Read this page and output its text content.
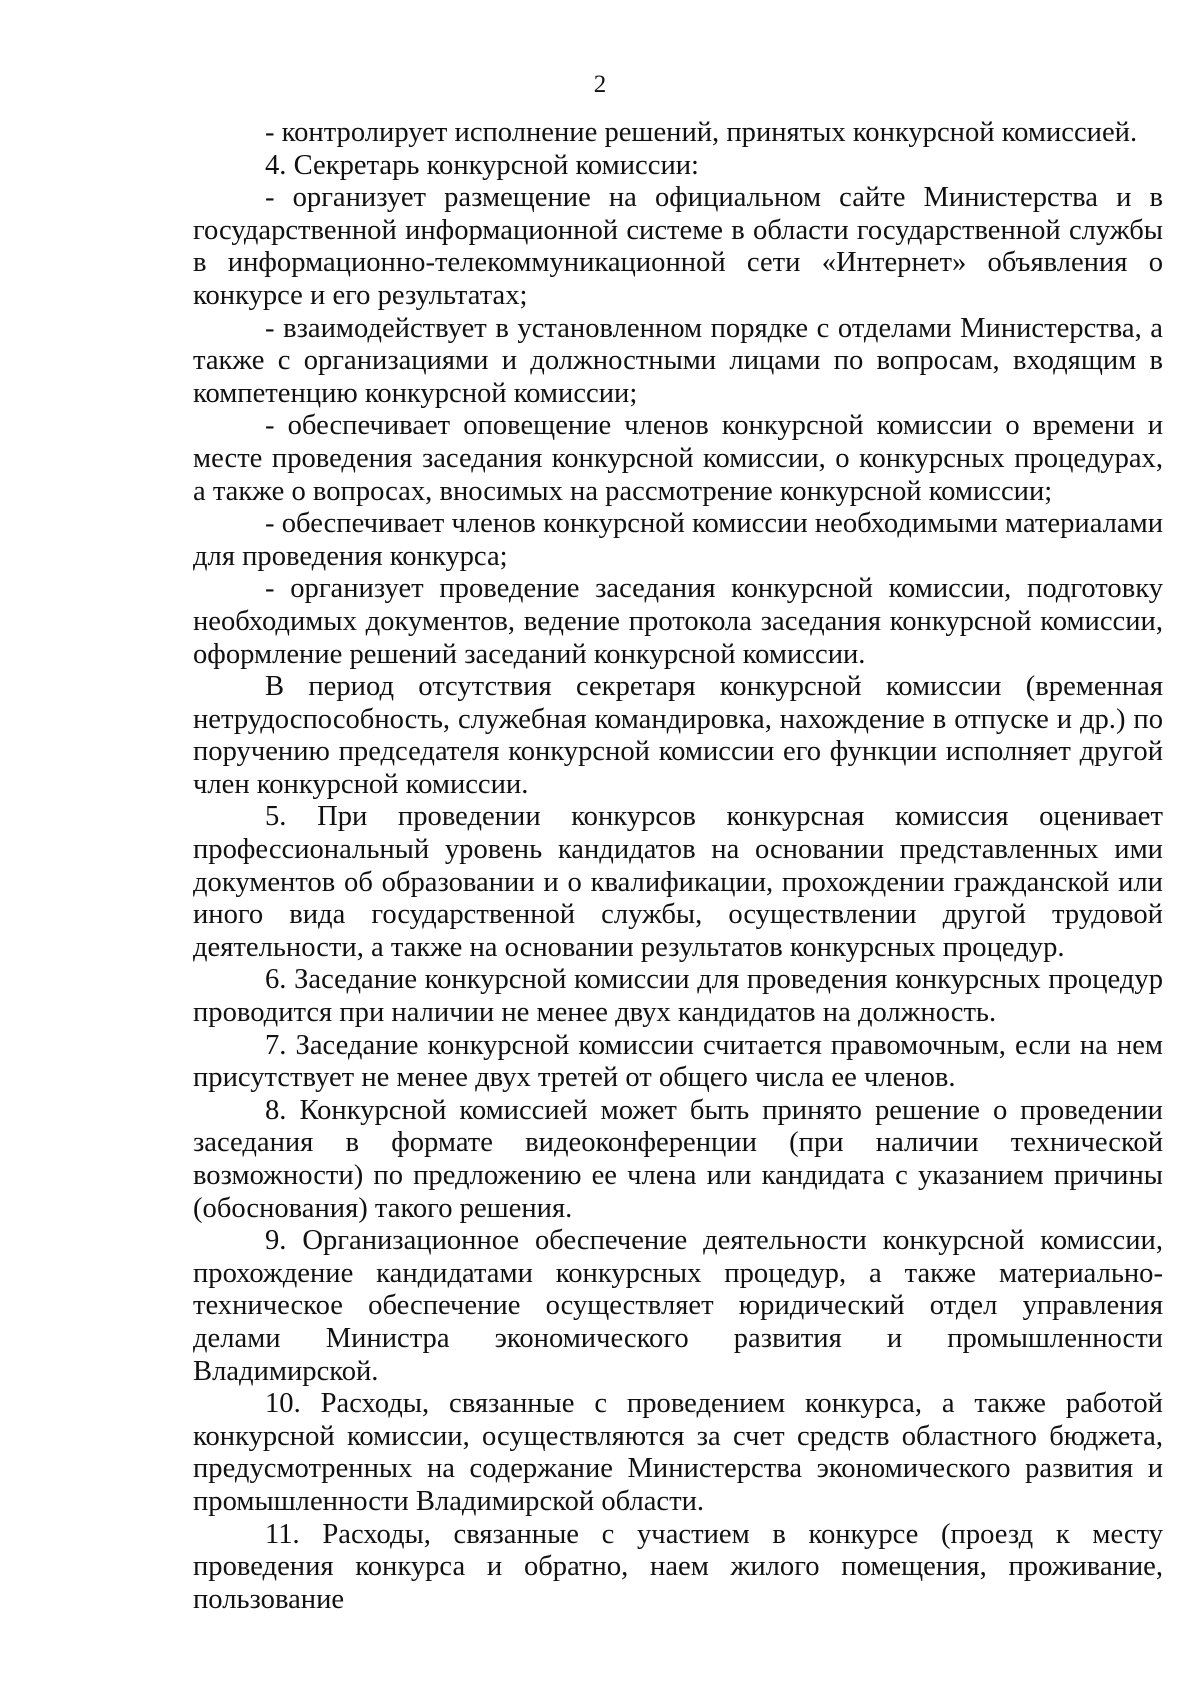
2

- контролирует исполнение решений, принятых конкурсной комиссией.

4. Секретарь конкурсной комиссии:

- организует размещение на официальном сайте Министерства и в государственной информационной системе в области государственной службы в информационно-телекоммуникационной сети «Интернет» объявления о конкурсе и его результатах;

- взаимодействует в установленном порядке с отделами Министерства, а также с организациями и должностными лицами по вопросам, входящим в компетенцию конкурсной комиссии;

- обеспечивает оповещение членов конкурсной комиссии о времени и месте проведения заседания конкурсной комиссии, о конкурсных процедурах, а также о вопросах, вносимых на рассмотрение конкурсной комиссии;

- обеспечивает членов конкурсной комиссии необходимыми материалами для проведения конкурса;

- организует проведение заседания конкурсной комиссии, подготовку необходимых документов, ведение протокола заседания конкурсной комиссии, оформление решений заседаний конкурсной комиссии.

В период отсутствия секретаря конкурсной комиссии (временная нетрудоспособность, служебная командировка, нахождение в отпуске и др.) по поручению председателя конкурсной комиссии его функции исполняет другой член конкурсной комиссии.

5. При проведении конкурсов конкурсная комиссия оценивает профессиональный уровень кандидатов на основании представленных ими документов об образовании и о квалификации, прохождении гражданской или иного вида государственной службы, осуществлении другой трудовой деятельности, а также на основании результатов конкурсных процедур.

6. Заседание конкурсной комиссии для проведения конкурсных процедур проводится при наличии не менее двух кандидатов на должность.

7. Заседание конкурсной комиссии считается правомочным, если на нем присутствует не менее двух третей от общего числа ее членов.

8. Конкурсной комиссией может быть принято решение о проведении заседания в формате видеоконференции (при наличии технической возможности) по предложению ее члена или кандидата с указанием причины (обоснования) такого решения.

9. Организационное обеспечение деятельности конкурсной комиссии, прохождение кандидатами конкурсных процедур, а также материально-техническое обеспечение осуществляет юридический отдел управления делами Министра экономического развития и промышленности Владимирской.

10. Расходы, связанные с проведением конкурса, а также работой конкурсной комиссии, осуществляются за счет средств областного бюджета, предусмотренных на содержание Министерства экономического развития и промышленности Владимирской области.

11. Расходы, связанные с участием в конкурсе (проезд к месту проведения конкурса и обратно, наем жилого помещения, проживание, пользование
